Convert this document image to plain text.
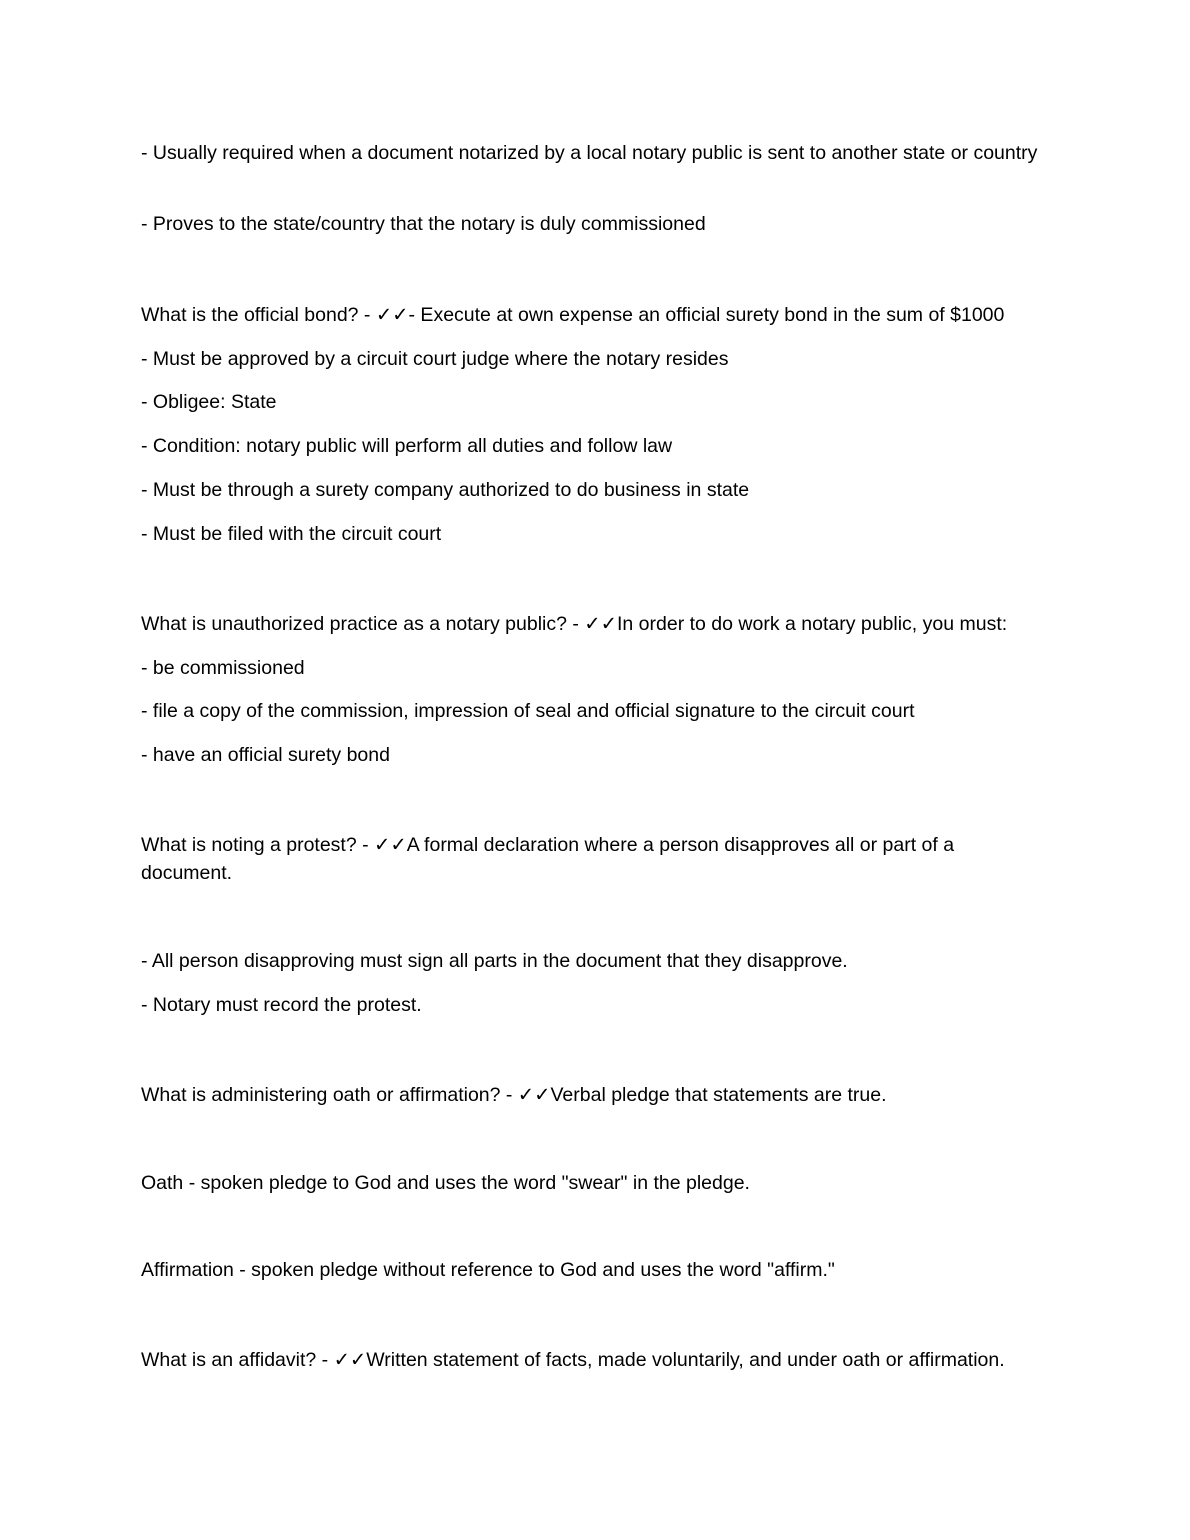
- Usually required when a document notarized by a local notary public is sent to another state or country

- Proves to the state/country that the notary is duly commissioned

What is the official bond? - ✓✓- Execute at own expense an official surety bond in the sum of $1000

- Must be approved by a circuit court judge where the notary resides

- Obligee: State

- Condition: notary public will perform all duties and follow law

- Must be through a surety company authorized to do business in state

- Must be filed with the circuit court

What is unauthorized practice as a notary public? - ✓✓In order to do work a notary public, you must:

- be commissioned

- file a copy of the commission, impression of seal and official signature to the circuit court

- have an official surety bond

What is noting a protest? - ✓✓A formal declaration where a person disapproves all or part of a document.

- All person disapproving must sign all parts in the document that they disapprove.

- Notary must record the protest.

What is administering oath or affirmation? - ✓✓Verbal pledge that statements are true.

Oath - spoken pledge to God and uses the word "swear" in the pledge.

Affirmation - spoken pledge without reference to God and uses the word "affirm."

What is an affidavit? - ✓✓Written statement of facts, made voluntarily, and under oath or affirmation.
